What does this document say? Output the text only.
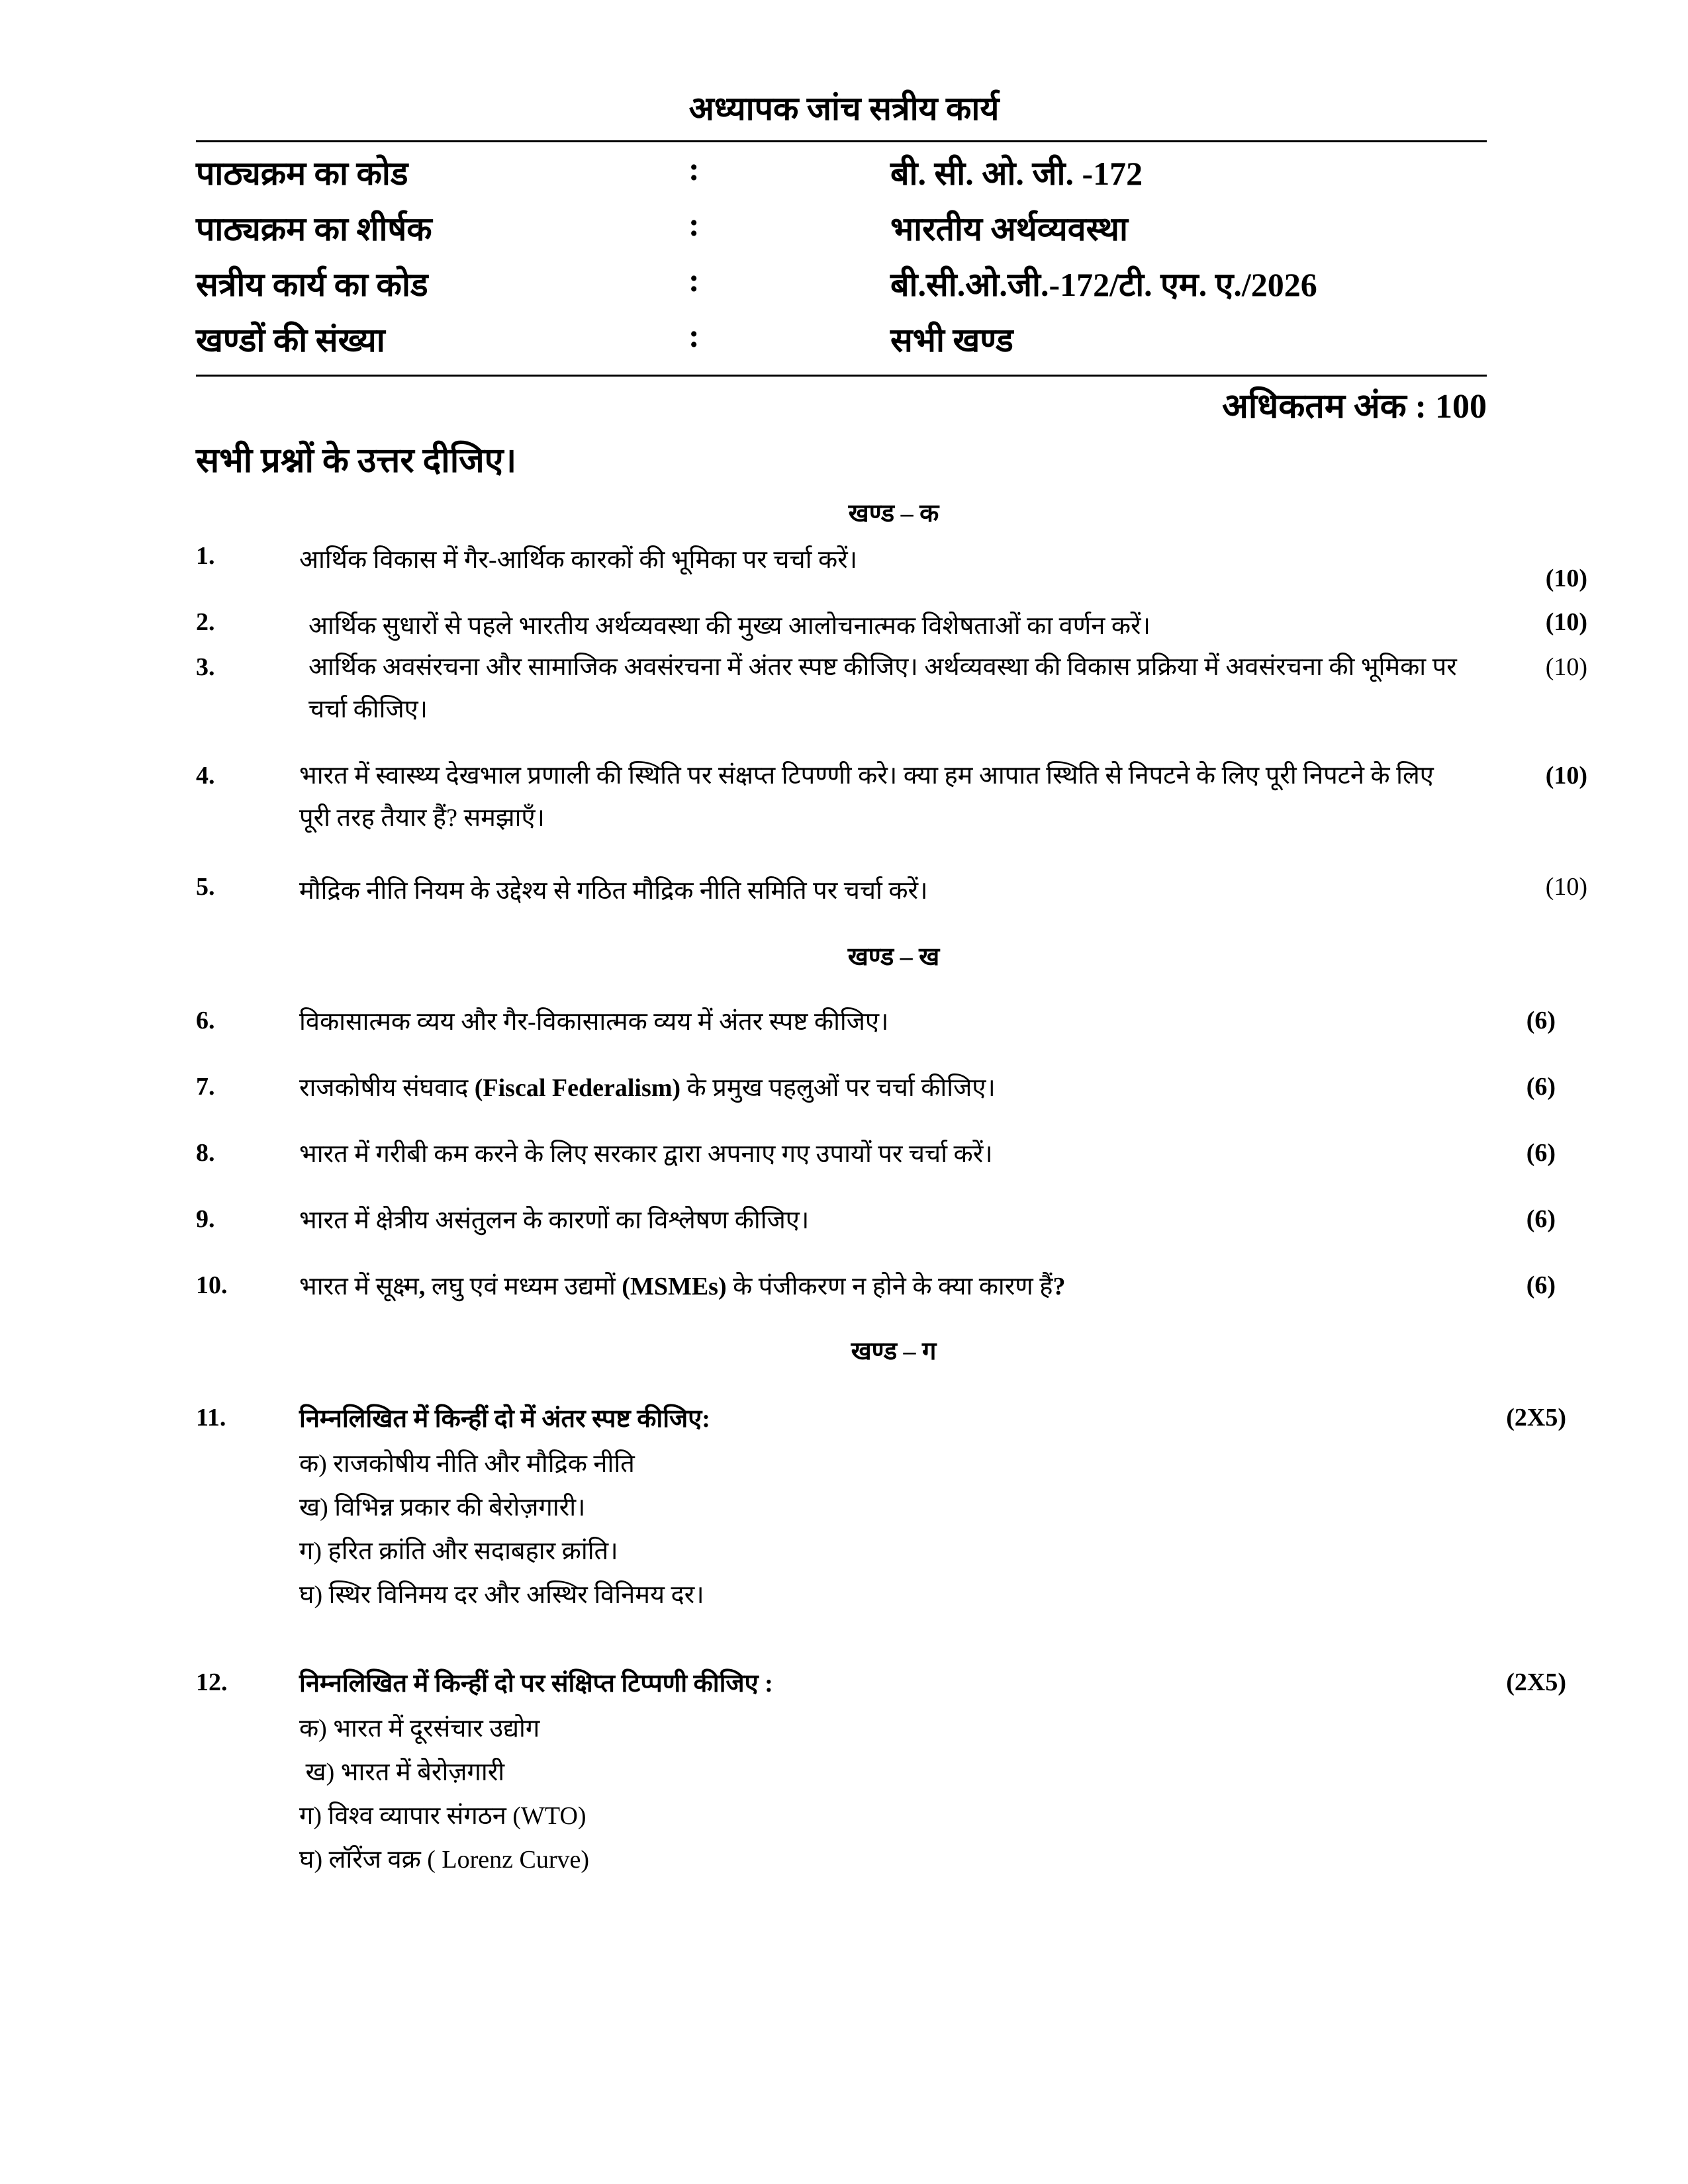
अध्यापक जांच सत्रीय कार्य
पाठ्यक्रम का कोड	:	बी. सी. ओ. जी. -172
पाठ्यक्रम का शीर्षक	:	भारतीय अर्थव्यवस्था
सत्रीय कार्य का कोड	:	बी.सी.ओ.जी.-172/टी. एम. ए./2026
खण्डों की संख्या	:	सभी खण्ड
अधिकतम अंक : 100
सभी प्रश्नों के उत्तर दीजिए।
खण्ड – क
1.	आर्थिक विकास में गैर-आर्थिक कारकों की भूमिका पर चर्चा करें।
(10)
2.	आर्थिक सुधारों से पहले भारतीय अर्थव्यवस्था की मुख्य आलोचनात्मक विशेषताओं का वर्णन करें।	(10)
3.	आर्थिक अवसंरचना और सामाजिक अवसंरचना में अंतर स्पष्ट कीजिए। अर्थव्यवस्था की विकास प्रक्रिया में अवसंरचना की भूमिका पर चर्चा कीजिए।
(10)
4.	भारत में स्वास्थ्य देखभाल प्रणाली की स्थिति पर संक्षप्त टिपण्णी करे। क्या हम आपात स्थिति से निपटने के लिए पूरी निपटने के लिए पूरी तरह तैयार हैं? समझाएँ।
(10)
5.	मौद्रिक नीति नियम के उद्देश्य से गठित मौद्रिक नीति समिति पर चर्चा करें।	(10)
खण्ड – ख
6.	विकासात्मक व्यय और गैर-विकासात्मक व्यय में अंतर स्पष्ट कीजिए।	(6)
7.	राजकोषीय संघवाद (Fiscal Federalism) के प्रमुख पहलुओं पर चर्चा कीजिए।	(6)
8.	भारत में गरीबी कम करने के लिए सरकार द्वारा अपनाए गए उपायों पर चर्चा करें।	(6)
9.	भारत में क्षेत्रीय असंतुलन के कारणों का विश्लेषण कीजिए।	(6)
10.	भारत में सूक्ष्म, लघु एवं मध्यम उद्यमों (MSMEs) के पंजीकरण न होने के क्या कारण हैं?	(6)
खण्ड – ग
11.	निम्नलिखित में किन्हीं दो में अंतर स्पष्ट कीजिए:	(2X5)
क) राजकोषीय नीति और मौद्रिक नीति
ख) विभिन्न प्रकार की बेरोज़गारी।
ग) हरित क्रांति और सदाबहार क्रांति।
घ) स्थिर विनिमय दर और अस्थिर विनिमय दर।
12.	निम्नलिखित में किन्हीं दो पर संक्षिप्त टिप्पणी कीजिए :	(2X5)
क) भारत में दूरसंचार उद्योग
ख) भारत में बेरोज़गारी
ग) विश्व व्यापार संगठन (WTO)
घ) लॉरेंज वक्र ( Lorenz Curve)
